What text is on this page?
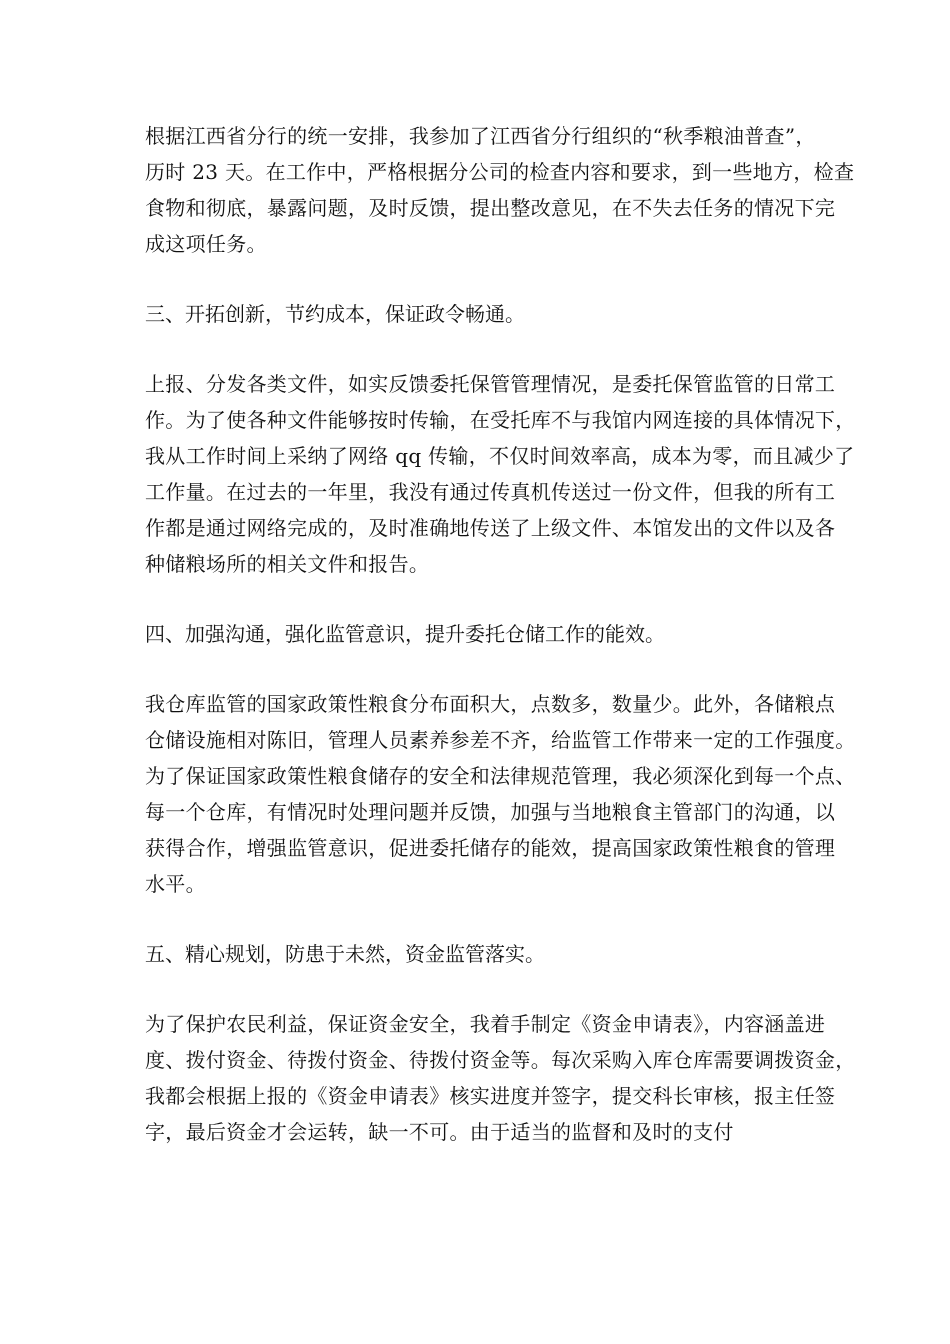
根据江西省分行的统一安排，我参加了江西省分行组织的“秋季粮油普查”，
历时 23 天。在工作中，严格根据分公司的检查内容和要求，到一些地方，检查
食物和彻底，暴露问题，及时反馈，提出整改意见，在不失去任务的情况下完
成这项任务。

三、开拓创新，节约成本，保证政令畅通。

上报、分发各类文件，如实反馈委托保管管理情况，是委托保管监管的日常工
作。为了使各种文件能够按时传输，在受托库不与我馆内网连接的具体情况下，
我从工作时间上采纳了网络 qq 传输，不仅时间效率高，成本为零，而且减少了
工作量。在过去的一年里，我没有通过传真机传送过一份文件，但我的所有工
作都是通过网络完成的，及时准确地传送了上级文件、本馆发出的文件以及各
种储粮场所的相关文件和报告。

四、加强沟通，强化监管意识，提升委托仓储工作的能效。

我仓库监管的国家政策性粮食分布面积大，点数多，数量少。此外，各储粮点
仓储设施相对陈旧，管理人员素养参差不齐，给监管工作带来一定的工作强度。
为了保证国家政策性粮食储存的安全和法律规范管理，我必须深化到每一个点、
每一个仓库，有情况时处理问题并反馈，加强与当地粮食主管部门的沟通，以
获得合作，增强监管意识，促进委托储存的能效，提高国家政策性粮食的管理
水平。

五、精心规划，防患于未然，资金监管落实。

为了保护农民利益，保证资金安全，我着手制定《资金申请表》，内容涵盖进
度、拨付资金、待拨付资金、待拨付资金等。每次采购入库仓库需要调拨资金，
我都会根据上报的《资金申请表》核实进度并签字，提交科长审核，报主任签
字，最后资金才会运转，缺一不可。由于适当的监督和及时的支付
